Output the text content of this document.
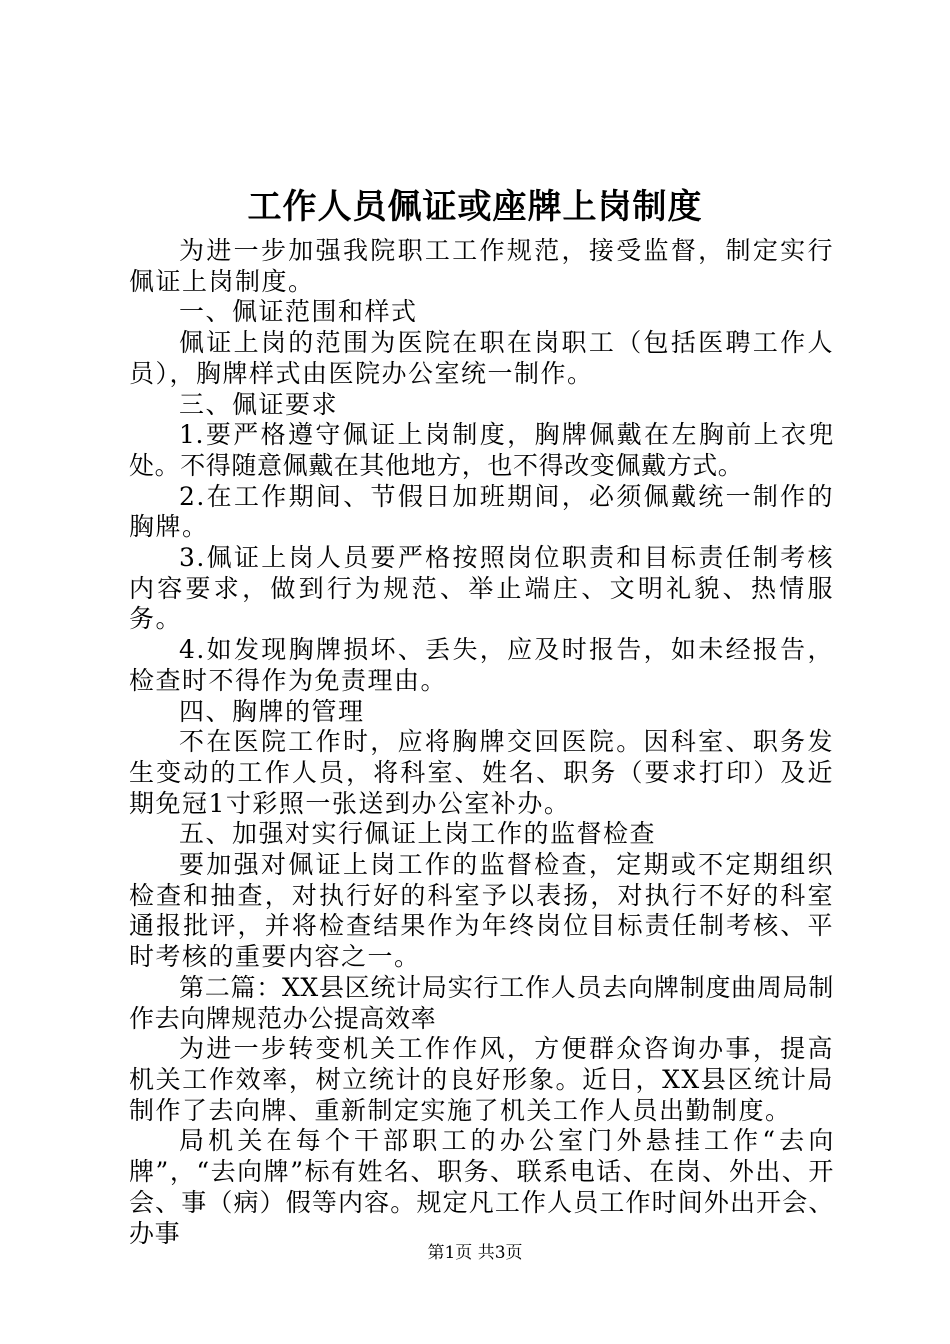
工作人员佩证或座牌上岗制度

为进一步加强我院职工工作规范，接受监督，制定实行佩证上岗制度。

一、佩证范围和样式

佩证上岗的范围为医院在职在岗职工（包括医聘工作人员），胸牌样式由医院办公室统一制作。

三、佩证要求

1.要严格遵守佩证上岗制度，胸牌佩戴在左胸前上衣兜处。不得随意佩戴在其他地方，也不得改变佩戴方式。

2.在工作期间、节假日加班期间，必须佩戴统一制作的胸牌。

3.佩证上岗人员要严格按照岗位职责和目标责任制考核内容要求，做到行为规范、举止端庄、文明礼貌、热情服务。

4.如发现胸牌损坏、丢失，应及时报告，如未经报告，检查时不得作为免责理由。

四、胸牌的管理

不在医院工作时，应将胸牌交回医院。因科室、职务发生变动的工作人员，将科室、姓名、职务（要求打印）及近期免冠1寸彩照一张送到办公室补办。

五、加强对实行佩证上岗工作的监督检查

要加强对佩证上岗工作的监督检查，定期或不定期组织检查和抽查，对执行好的科室予以表扬，对执行不好的科室通报批评，并将检查结果作为年终岗位目标责任制考核、平时考核的重要内容之一。

第二篇：XX县区统计局实行工作人员去向牌制度曲周局制作去向牌规范办公提高效率

为进一步转变机关工作作风，方便群众咨询办事，提高机关工作效率，树立统计的良好形象。近日，XX县区统计局制作了去向牌、重新制定实施了机关工作人员出勤制度。

局机关在每个干部职工的办公室门外悬挂工作“去向牌”，“去向牌”标有姓名、职务、联系电话、在岗、外出、开会、事（病）假等内容。规定凡工作人员工作时间外出开会、办事

第1页 共3页
